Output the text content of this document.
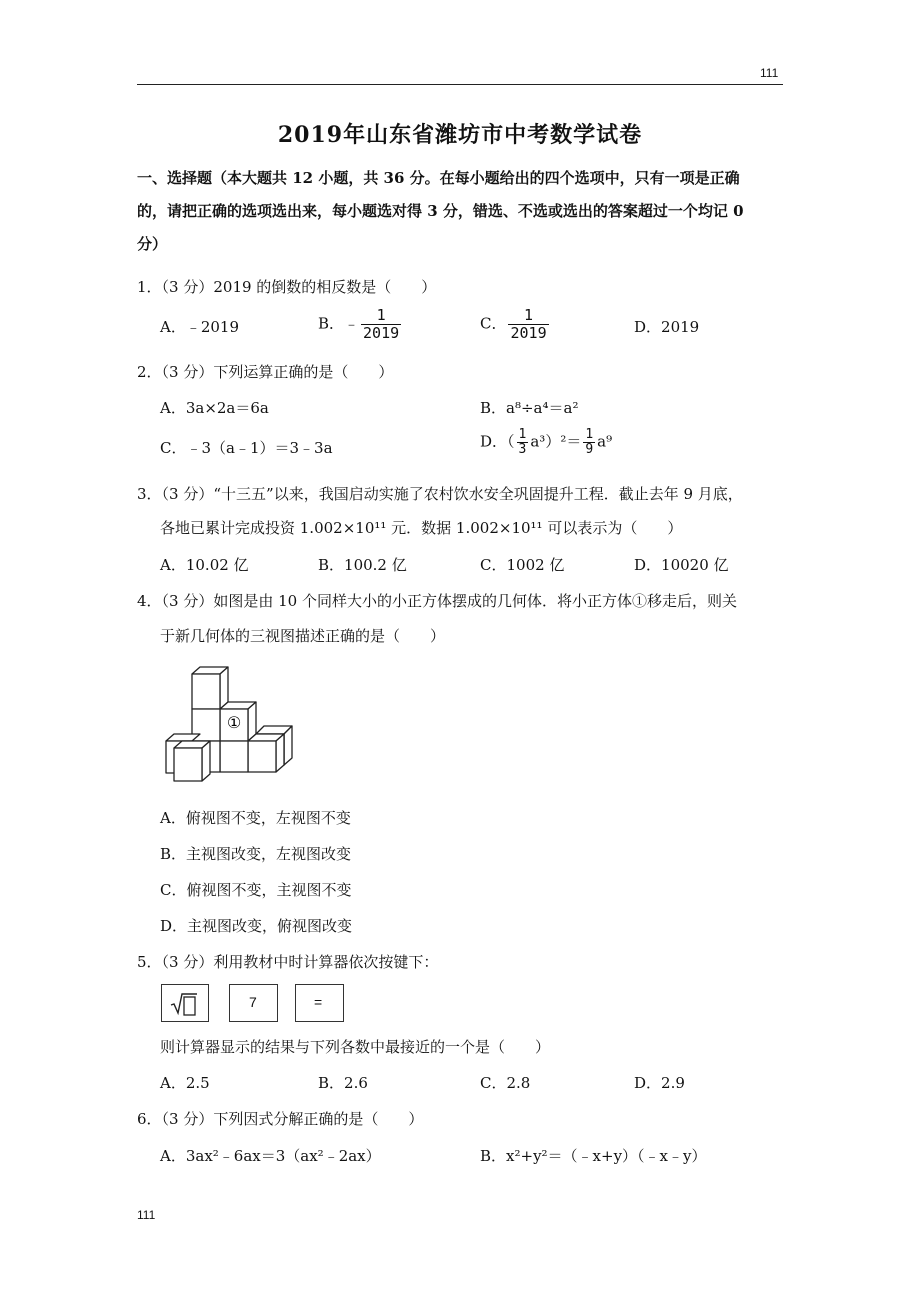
111
2019年山东省潍坊市中考数学试卷
一、选择题（本大题共 12 小题，共 36 分。在每小题给出的四个选项中，只有一项是正确
的，请把正确的选项选出来，每小题选对得 3 分，错选、不选或选出的答案超过一个均记 0
分）
1．（3 分）2019 的倒数的相反数是（　　）
A．﹣2019	B．﹣ $\frac{1}{2019}$	C． $\frac{1}{2019}$	D．2019
2．（3 分）下列运算正确的是（　　）
A．3a×2a＝6a	B．a⁸÷a⁴＝a²
C．﹣3（a﹣1）＝3﹣3a	D．（ $\frac{1}{3} a^3)^2= \frac{1}{9} a^9$
3．（3 分）“十三五”以来，我国启动实施了农村饮水安全巩固提升工程．截止去年 9 月底，
各地已累计完成投资 1.002×10¹¹ 元．数据 1.002×10¹¹ 可以表示为（　　）
A．10.02 亿	B．100.2 亿	C．1002 亿	D．10020 亿
4．（3 分）如图是由 10 个同样大小的小正方体摆成的几何体．将小正方体①移走后，则关
于新几何体的三视图描述正确的是（　　）
①
A．俯视图不变，左视图不变
B．主视图改变，左视图改变
C．俯视图不变，主视图不变
D．主视图改变，俯视图改变
5．（3 分）利用教材中时计算器依次按键下：
7	=
则计算器显示的结果与下列各数中最接近的一个是（　　）
A．2.5	B．2.6	C．2.8	D．2.9
6．（3 分）下列因式分解正确的是（　　）
A．3ax²﹣6ax＝3（ax²﹣2ax）	B．x²+y²＝（﹣x+y）（﹣x﹣y）
111
